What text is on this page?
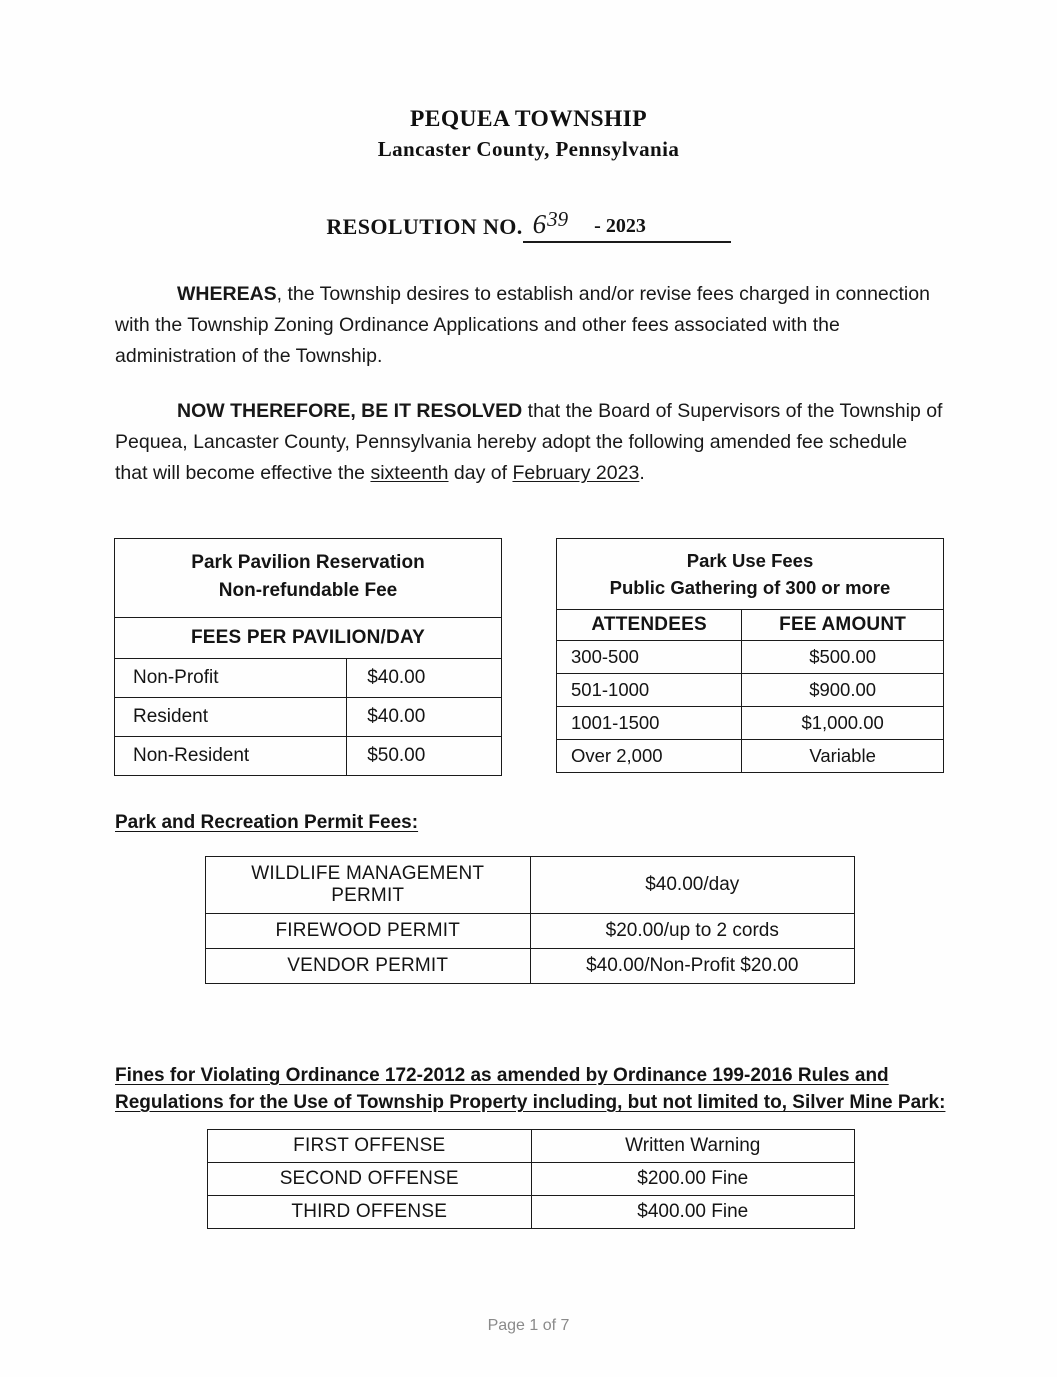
PEQUEA TOWNSHIP
Lancaster County, Pennsylvania
RESOLUTION NO. $6^{39} - 2023$

WHEREAS, the Township desires to establish and/or revise fees charged in connection with the Township Zoning Ordinance Applications and other fees associated with the administration of the Township.

NOW THEREFORE, BE IT RESOLVED that the Board of Supervisors of the Township of Pequea, Lancaster County, Pennsylvania hereby adopt the following amended fee schedule that will become effective the sixteenth day of February 2023.

Park Pavilion Reservation
Non-refundable Fee	

FEES PER PAVILION/DAY	
Non-Profit	$40.00
Resident	$40.00
Non-Resident	$50.00
Park Use Fees
Public Gathering of 300 or more	

ATTENDEES	FEE AMOUNT
300-500	$500.00
501-1000	$900.00
1001-1500	$1,000.00
Over 2,000	Variable
Park and Recreation Permit Fees:
WILDLIFE MANAGEMENT PERMIT	$40.00/day
FIREWOOD PERMIT	$20.00/up to 2 cords
VENDOR PERMIT	$40.00/Non-Profit $20.00
Fines for Violating Ordinance 172-2012 as amended by Ordinance 199-2016 Rules and
Regulations for the Use of Township Property including, but not limited to, Silver Mine Park:
FIRST OFFENSE	Written Warning
SECOND OFFENSE	$200.00 Fine
THIRD OFFENSE	$400.00 Fine
Page 1 of 7
